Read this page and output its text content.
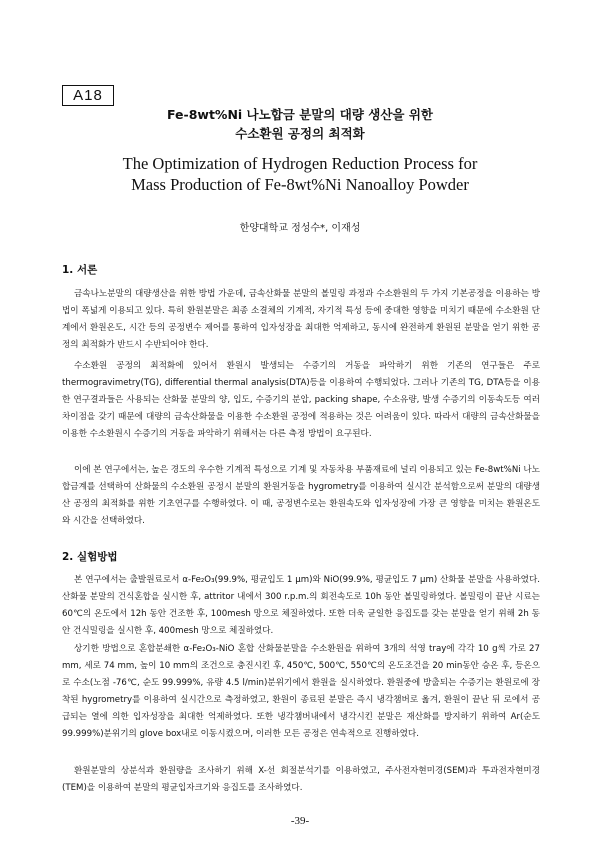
A18
Fe-8wt%Ni 나노합금 분말의 대량 생산을 위한
수소환원 공정의 최적화
The Optimization of Hydrogen Reduction Process for
Mass Production of Fe-8wt%Ni Nanoalloy Powder
한양대학교 정성수*, 이재성
1. 서론

금속나노분말의 대량생산을 위한 방법 가운데, 금속산화물 분말의 볼밀링 과정과 수소환원의 두 가지 기본공정을 이용하는 방법이 폭넓게 이용되고 있다. 특히 환원분말은 최종 소결체의 기계적, 자기적 특성 등에 중대한 영향을 미치기 때문에 수소환원 단계에서 환원온도, 시간 등의 공정변수 제어를 통하여 입자성장을 최대한 억제하고, 동시에 완전하게 환원된 분말을 얻기 위한 공정의 최적화가 반드시 수반되어야 한다.

수소환원 공정의 최적화에 있어서 환원시 발생되는 수증기의 거동을 파악하기 위한 기존의 연구들은 주로 thermogravimetry(TG), differential thermal analysis(DTA)등을 이용하여 수행되었다. 그러나 기존의 TG, DTA등을 이용한 연구결과들은 사용되는 산화물 분말의 양, 입도, 수증기의 분압, packing shape, 수소유량, 발생 수증기의 이동속도등 여러 차이점을 갖기 때문에 대량의 금속산화물을 이용한 수소환원 공정에 적용하는 것은 어려움이 있다. 따라서 대량의 금속산화물을 이용한 수소환원시 수증기의 거동을 파악하기 위해서는 다른 측정 방법이 요구된다.

이에 본 연구에서는, 높은 경도의 우수한 기계적 특성으로 기계 및 자동차용 부품재료에 널리 이용되고 있는 Fe-8wt%Ni 나노합금계를 선택하여 산화물의 수소환원 공정시 분말의 환원거동을 hygrometry를 이용하여 실시간 분석함으로써 분말의 대량생산 공정의 최적화를 위한 기초연구를 수행하였다. 이 때, 공정변수로는 환원속도와 입자성장에 가장 큰 영향을 미치는 환원온도와 시간을 선택하였다.

2. 실험방법

본 연구에서는 출발원료로서 α-Fe₂O₃(99.9%, 평균입도 1 μm)와 NiO(99.9%, 평균입도 7 μm) 산화물 분말을 사용하였다. 산화물 분말의 건식혼합을 실시한 후, attritor 내에서 300 r.p.m.의 회전속도로 10h 동안 볼밀링하였다. 볼밀링이 끝난 시료는 60℃의 온도에서 12h 동안 건조한 후, 100mesh 망으로 체질하였다. 또한 더욱 균일한 응집도를 갖는 분말을 얻기 위해 2h 동안 건식밀링을 실시한 후, 400mesh 망으로 체질하였다.

상기한 방법으로 혼합분쇄한 α-Fe₂O₃-NiO 혼합 산화물분말을 수소환원을 위하여 3개의 석영 tray에 각각 10 g씩 가로 27 mm, 세로 74 mm, 높이 10 mm의 조건으로 충진시킨 후, 450℃, 500℃, 550℃의 온도조건을 20 min동안 승온 후, 등온으로 수소(노점 -76℃, 순도 99.999%, 유량 4.5 l/min)분위기에서 환원을 실시하였다. 환원중에 방출되는 수증기는 환원로에 장착된 hygrometry를 이용하여 실시간으로 측정하였고, 환원이 종료된 분말은 즉시 냉각챔버로 옮겨, 환원이 끝난 뒤 로에서 공급되는 열에 의한 입자성장을 최대한 억제하였다. 또한 냉각챔버내에서 냉각시킨 분말은 재산화를 방지하기 위하여 Ar(순도 99.999%)분위기의 glove box내로 이동시켰으며, 이러한 모든 공정은 연속적으로 진행하였다.

환원분말의 상분석과 환원량을 조사하기 위해 X-선 회절분석기를 이용하였고, 주사전자현미경(SEM)과 투과전자현미경(TEM)을 이용하여 분말의 평균입자크기와 응집도를 조사하였다.

-39-
